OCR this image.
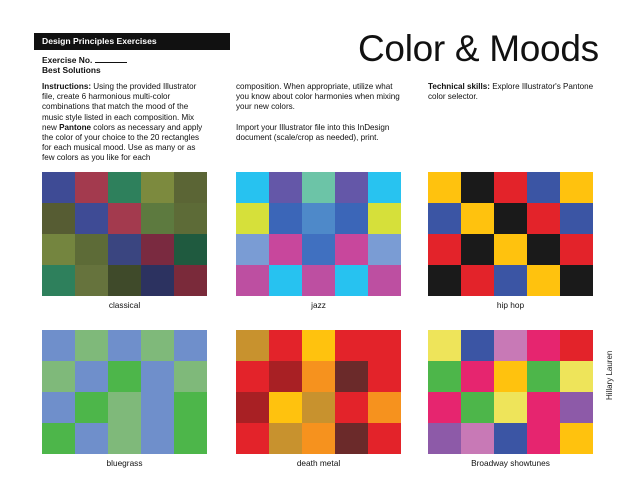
Design Principles Exercises
Exercise No.
Best Solutions
Color & Moods

Instructions: Using the provided Illustrator file, create 6 harmonious multi-color combinations that match the mood of the music style listed in each composition. Mix new Pantone colors as necessary and apply the color of your choice to the 20 rectangles for each musical mood. Use as many or as few colors as you like for each

composition. When appropriate, utilize what you know about color harmonies when mixing your new colors.

Import your Illustrator file into this InDesign document (scale/crop as needed), print.

Technical skills: Explore Illustrator's Pantone color selector.

classical	jazz	hip hop
bluegrass	death metal	Broadway showtunes
Hillary Lauren
